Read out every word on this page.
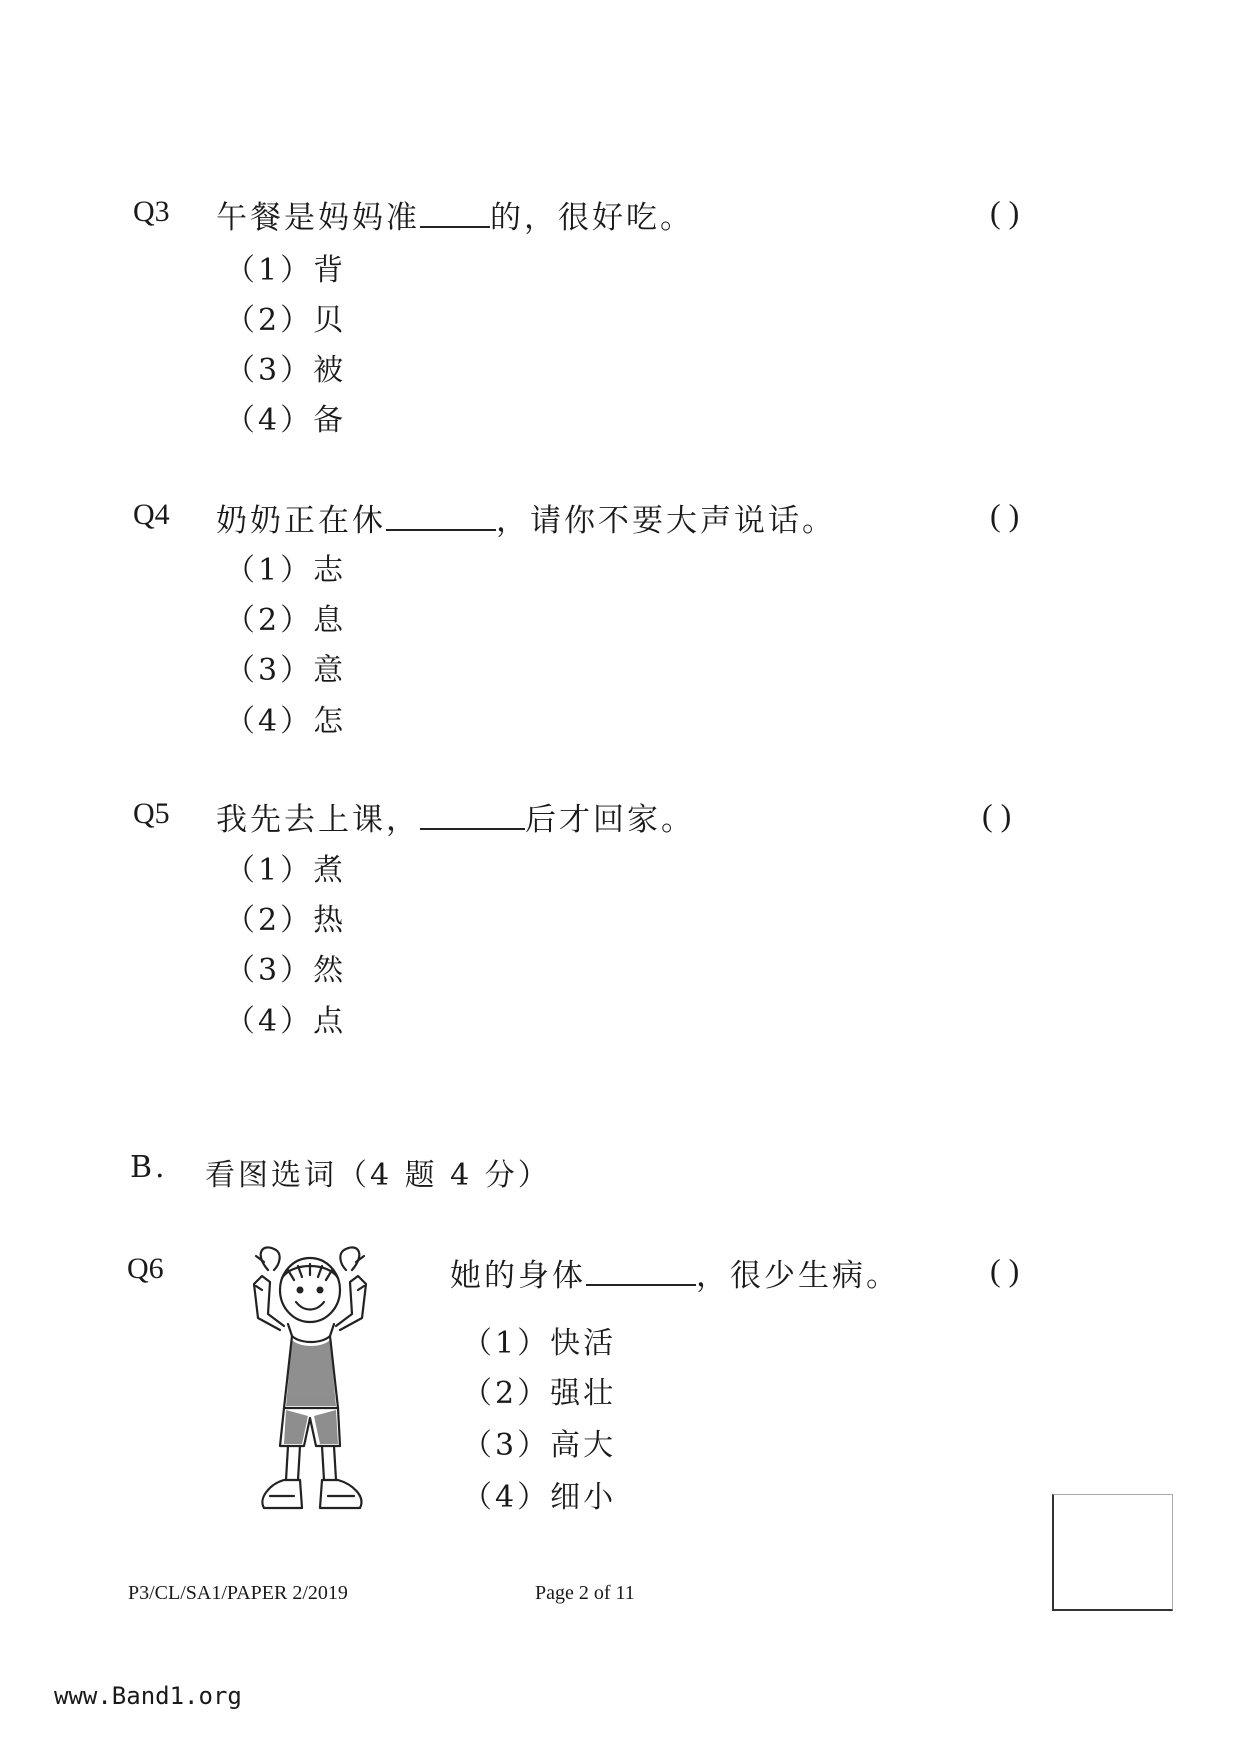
Q3 午餐是妈妈准 的，很好吃。	( )
（1）背
（2）贝
（3）被
（4）备
Q4 奶奶正在休	，请你不要大声说话。	( )
（1）志
（2）息
（3）意
（4）怎
Q5 我先去上课，	后才回家。	( )
（1）煮
（2）热
（3）然
（4）点
B. 看图选词（4 题 4 分）
Q6	她的身体	，很少生病。	( )
（1）快活
（2）强壮
（3）高大
（4）细小
P3/CL/SA1/PAPER 2/2019	Page 2 of 11
www.Band1.org
